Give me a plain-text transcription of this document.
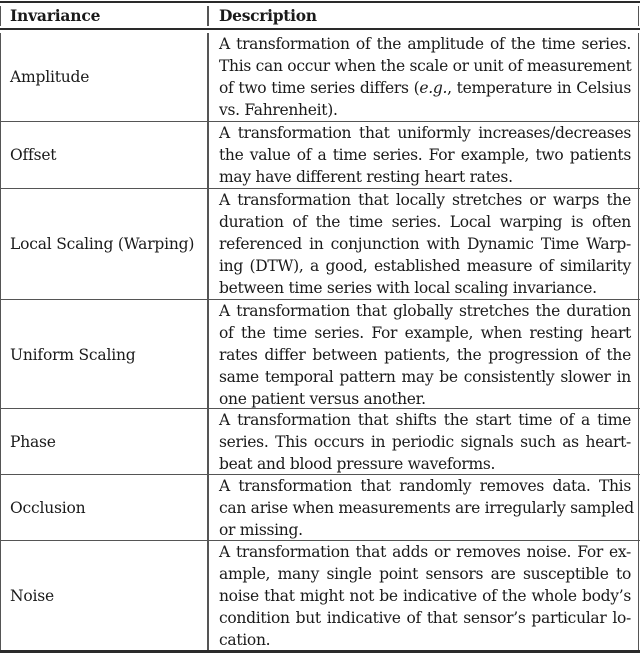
Invariance	Description
Amplitude
A transformation of the amplitude of the time series.
This can occur when the scale or unit of measurement
of two time series differs (e.g., temperature in Celsius
vs. Fahrenheit).
Offset
A transformation that uniformly increases/decreases
the value of a time series. For example, two patients
may have different resting heart rates.
Local Scaling (Warping)
A transformation that locally stretches or warps the
duration of the time series. Local warping is often
referenced in conjunction with Dynamic Time Warp-
ing (DTW), a good, established measure of similarity
between time series with local scaling invariance.
Uniform Scaling
A transformation that globally stretches the duration
of the time series. For example, when resting heart
rates differ between patients, the progression of the
same temporal pattern may be consistently slower in
one patient versus another.
Phase
A transformation that shifts the start time of a time
series. This occurs in periodic signals such as heart-
beat and blood pressure waveforms.
Occlusion
A transformation that randomly removes data. This
can arise when measurements are irregularly sampled
or missing.
Noise
A transformation that adds or removes noise. For ex-
ample, many single point sensors are susceptible to
noise that might not be indicative of the whole body’s
condition but indicative of that sensor’s particular lo-
cation.
